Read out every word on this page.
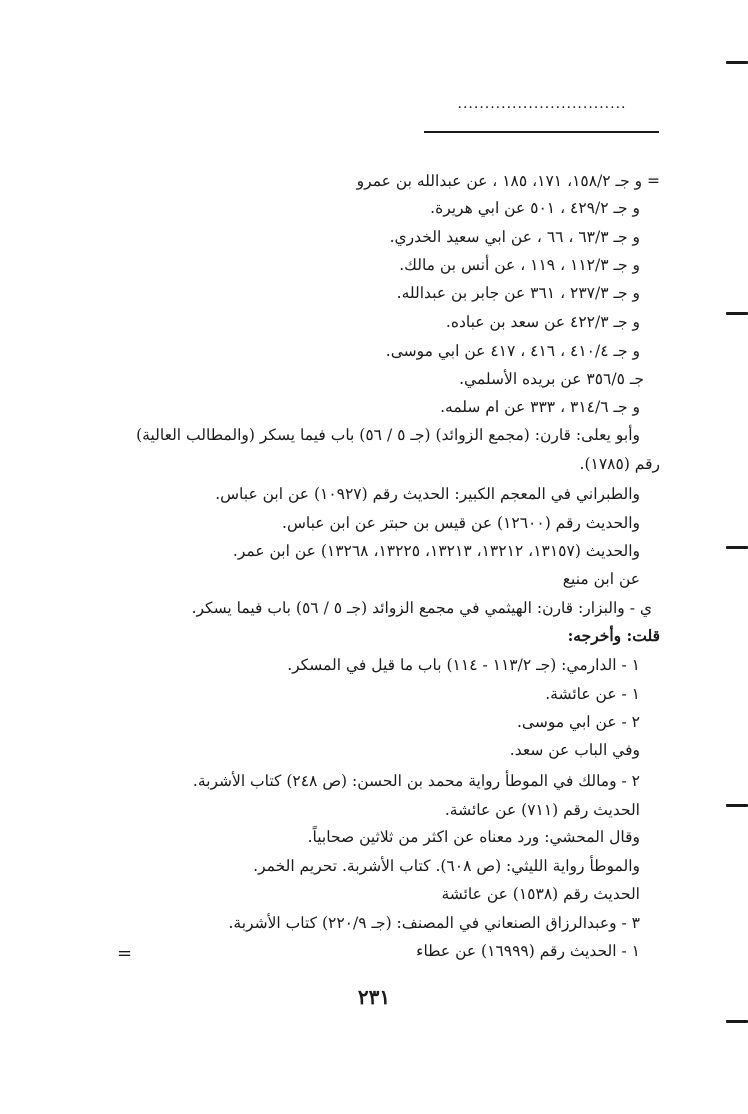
...............................
= و جـ ١٥٨/٢، ١٧١، ١٨٥ ، عن عبدالله بن عمرو
و جـ ٤٢٩/٢ ، ٥٠١ عن ابي هريرة.
و جـ ٦٣/٣ ، ٦٦ ، عن ابي سعيد الخدري.
و جـ ١١٢/٣ ، ١١٩ ، عن أنس بن مالك.
و جـ ٢٣٧/٣ ، ٣٦١ عن جابر بن عبدالله.
و جـ ٤٢٢/٣ عن سعد بن عباده.
و جـ ٤١٠/٤ ، ٤١٦ ، ٤١٧ عن ابي موسى.
جـ ٣٥٦/٥ عن بريده الأسلمي.
و جـ ٣١٤/٦ ، ٣٣٣ عن ام سلمه.
وأبو يعلى: قارن: (مجمع الزوائد) (جـ ٥ / ٥٦) باب فيما يسكر (والمطالب العالية)
رقم (١٧٨٥).
والطبراني في المعجم الكبير: الحديث رقم (١٠٩٢٧) عن ابن عباس.
والحديث رقم (١٢٦٠٠) عن قيس بن حبتر عن ابن عباس.
والحديث (١٣١٥٧، ١٣٢١٢، ١٣٢١٣، ١٣٢٢٥، ١٣٢٦٨) عن ابن عمر.
عن ابن منيع
ي - والبزار: قارن: الهيثمي في مجمع الزوائد (جـ ٥ / ٥٦) باب فيما يسكر.
قلت: وأخرجه:
١ - الدارمي: (جـ ١١٣/٢ - ١١٤) باب ما قيل في المسكر.
١ - عن عائشة.
٢ - عن ابي موسى.
وفي الباب عن سعد.
٢ - ومالك في الموطأ رواية محمد بن الحسن: (ص ٢٤٨) كتاب الأشربة.
الحديث رقم (٧١١) عن عائشة.
وقال المحشي: ورد معناه عن اكثر من ثلاثين صحابياً.
والموطأ رواية الليثي: (ص ٦٠٨). كتاب الأشربة. تحريم الخمر.
الحديث رقم (١٥٣٨) عن عائشة
٣ - وعبدالرزاق الصنعاني في المصنف: (جـ ٢٢٠/٩) كتاب الأشربة.
١ - الحديث رقم (١٦٩٩٩) عن عطاء
=
٢٣١
